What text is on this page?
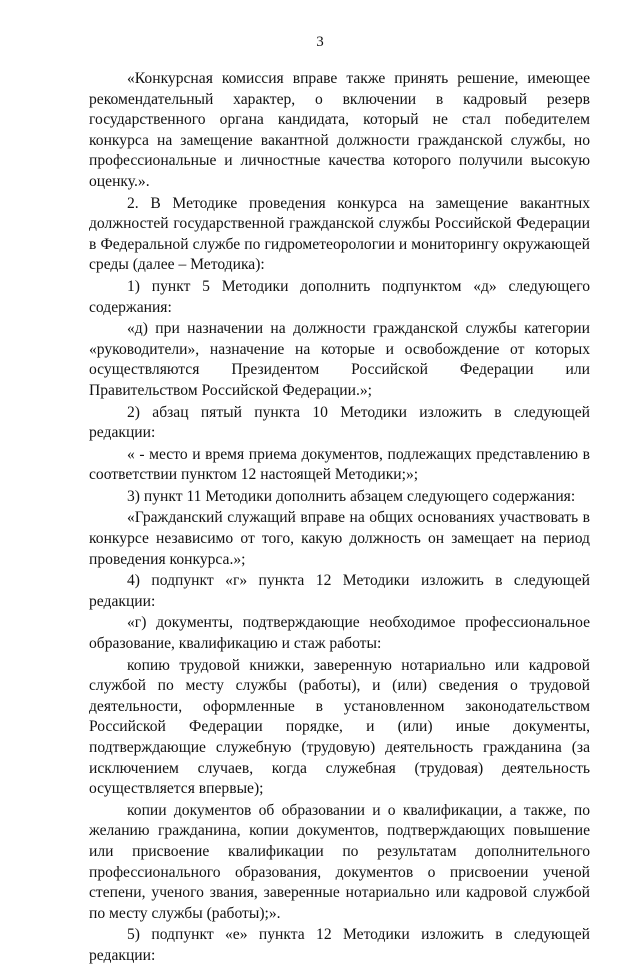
3

«Конкурсная комиссия вправе также принять решение, имеющее рекомендательный характер, о включении в кадровый резерв государственного органа кандидата, который не стал победителем конкурса на замещение вакантной должности гражданской службы, но профессиональные и личностные качества которого получили высокую оценку.».

2. В Методике проведения конкурса на замещение вакантных должностей государственной гражданской службы Российской Федерации в Федеральной службе по гидрометеорологии и мониторингу окружающей среды (далее – Методика):

1) пункт 5 Методики дополнить подпунктом «д» следующего содержания:

«д) при назначении на должности гражданской службы категории «руководители», назначение на которые и освобождение от которых осуществляются Президентом Российской Федерации или Правительством Российской Федерации.»;

2) абзац пятый пункта 10 Методики изложить в следующей редакции:

« - место и время приема документов, подлежащих представлению в соответствии пунктом 12 настоящей Методики;»;

3) пункт 11 Методики дополнить абзацем следующего содержания:

«Гражданский служащий вправе на общих основаниях участвовать в конкурсе независимо от того, какую должность он замещает на период проведения конкурса.»;

4) подпункт «г» пункта 12 Методики изложить в следующей редакции:

«г) документы, подтверждающие необходимое профессиональное образование, квалификацию и стаж работы:

копию трудовой книжки, заверенную нотариально или кадровой службой по месту службы (работы), и (или) сведения о трудовой деятельности, оформленные в установленном законодательством Российской Федерации порядке, и (или) иные документы, подтверждающие служебную (трудовую) деятельность гражданина (за исключением случаев, когда служебная (трудовая) деятельность осуществляется впервые);

копии документов об образовании и о квалификации, а также, по желанию гражданина, копии документов, подтверждающих повышение или присвоение квалификации по результатам дополнительного профессионального образования, документов о присвоении ученой степени, ученого звания, заверенные нотариально или кадровой службой по месту службы (работы);».

5) подпункт «е» пункта 12 Методики изложить в следующей редакции:
